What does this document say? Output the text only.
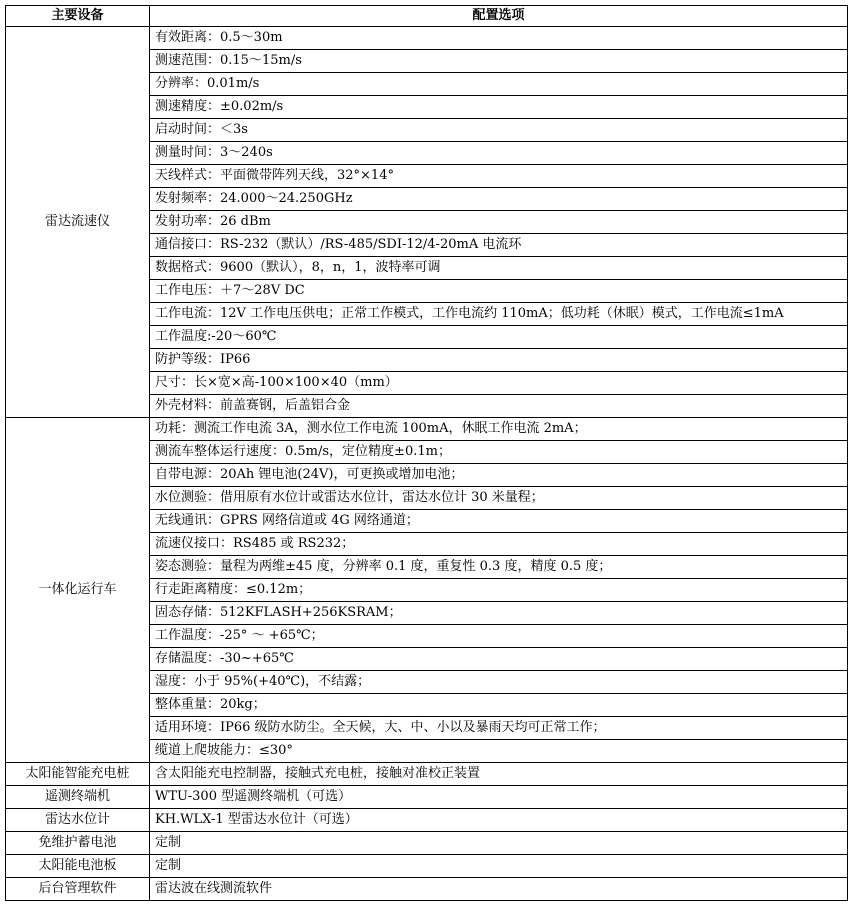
主要设备	配置选项
雷达流速仪	有效距离：0.5～30m
	测速范围：0.15～15m/s
	分辨率：0.01m/s
	测速精度：±0.02m/s
	启动时间：＜3s
	测量时间：3～240s
	天线样式：平面微带阵列天线，32°×14°
	发射频率：24.000～24.250GHz
	发射功率：26 dBm
	通信接口：RS-232（默认）/RS-485/SDI-12/4-20mA 电流环
	数据格式：9600（默认），8，n，1，波特率可调
	工作电压：＋7～28V DC
	工作电流：12V 工作电压供电；正常工作模式，工作电流约 110mA；低功耗（休眠）模式，工作电流≤1mA
	工作温度:-20～60℃
	防护等级：IP66
	尺寸：长×宽×高-100×100×40（mm）
	外壳材料：前盖赛钢，后盖铝合金
一体化运行车	功耗：测流工作电流 3A，测水位工作电流 100mA，休眠工作电流 2mA；
	测流车整体运行速度：0.5m/s，定位精度±0.1m；
	自带电源：20Ah 锂电池(24V)，可更换或增加电池；
	水位测验：借用原有水位计或雷达水位计，雷达水位计 30 米量程；
	无线通讯：GPRS 网络信道或 4G 网络通道；
	流速仪接口：RS485 或 RS232；
	姿态测验：量程为两维±45 度，分辨率 0.1 度，重复性 0.3 度，精度 0.5 度；
	行走距离精度：≤0.12m；
	固态存储：512KFLASH+256KSRAM；
	工作温度：-25° ～ +65℃；
	存储温度：-30~+65℃
	湿度：小于 95%(+40℃)，不结露；
	整体重量：20kg；
	适用环境：IP66 级防水防尘。全天候，大、中、小以及暴雨天均可正常工作；
	缆道上爬坡能力：≤30°
太阳能智能充电桩	含太阳能充电控制器，接触式充电桩，接触对准校正装置
遥测终端机	WTU-300 型遥测终端机（可选）
雷达水位计	KH.WLX-1 型雷达水位计（可选）
免维护蓄电池	定制
太阳能电池板	定制
后台管理软件	雷达波在线测流软件
